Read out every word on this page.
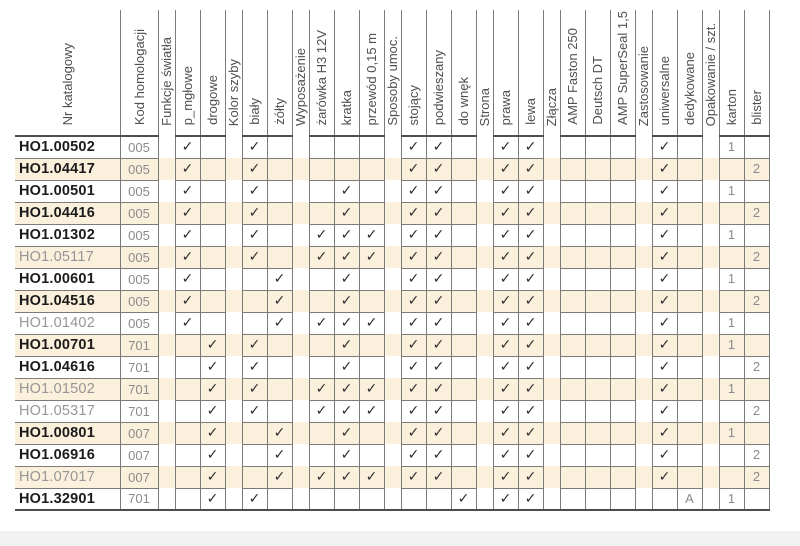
Nr katalogowy	Kod homologacji	Funkcje światła	p_mgłowe	drogowe	Kolor szyby	biały	żółty	Wyposażenie	żarówka H3 12V	kratka	przewód 0,15 m	Sposoby umoc.	stojący	podwieszany	do wnęk	Strona	prawa	lewa	Złącza	AMP Faston 250	Deutsch DT	AMP SuperSeal 1,5	Zastosowanie	uniwersalne	dedykowane	Opakowanie / szt.	karton	blister
HO1.00502	005		✓			✓							✓	✓			✓	✓						✓			1	
HO1.04417	005		✓			✓							✓	✓			✓	✓						✓				2
HO1.00501	005		✓			✓				✓			✓	✓			✓	✓						✓			1	
HO1.04416	005		✓			✓				✓			✓	✓			✓	✓						✓				2
HO1.01302	005		✓			✓			✓	✓	✓		✓	✓			✓	✓						✓			1	
HO1.05117	005		✓			✓			✓	✓	✓		✓	✓			✓	✓						✓				2
HO1.00601	005		✓				✓			✓			✓	✓			✓	✓						✓			1	
HO1.04516	005		✓				✓			✓			✓	✓			✓	✓						✓				2
HO1.01402	005		✓				✓		✓	✓	✓		✓	✓			✓	✓						✓			1	
HO1.00701	701			✓		✓				✓			✓	✓			✓	✓						✓			1	
HO1.04616	701			✓		✓				✓			✓	✓			✓	✓						✓				2
HO1.01502	701			✓		✓			✓	✓	✓		✓	✓			✓	✓						✓			1	
HO1.05317	701			✓		✓			✓	✓	✓		✓	✓			✓	✓						✓				2
HO1.00801	007			✓			✓			✓			✓	✓			✓	✓						✓			1	
HO1.06916	007			✓			✓			✓			✓	✓			✓	✓						✓				2
HO1.07017	007			✓			✓		✓	✓	✓		✓	✓			✓	✓						✓				2
HO1.32901	701			✓		✓									✓		✓	✓							A		1	
